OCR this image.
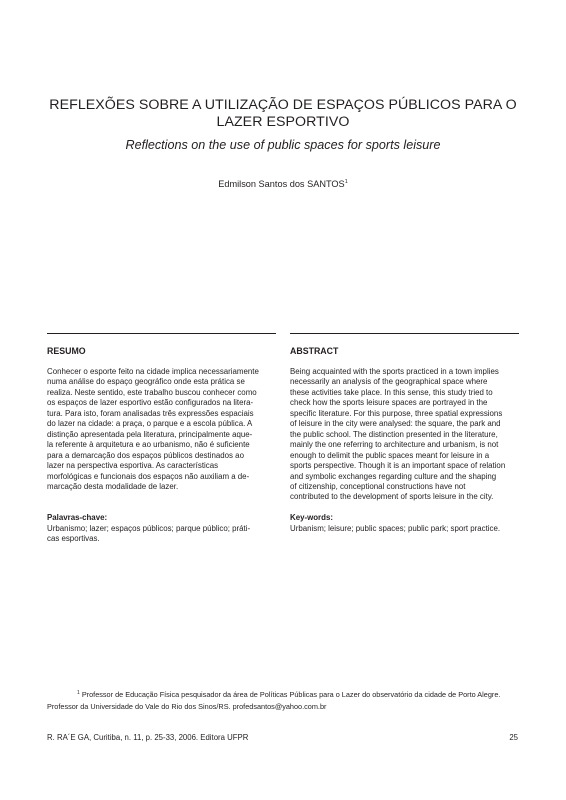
REFLEXÕES SOBRE A UTILIZAÇÃO DE ESPAÇOS PÚBLICOS PARA O
LAZER ESPORTIVO
Reflections on the use of public spaces for sports leisure
Edmilson Santos dos SANTOS$^1$
RESUMO
Conhecer o esporte feito na cidade implica necessariamente
numa análise do espaço geográfico onde esta prática se
realiza. Neste sentido, este trabalho buscou conhecer como
os espaços de lazer esportivo estão configurados na litera-
tura. Para isto, foram analisadas três expressões espaciais
do lazer na cidade: a praça, o parque e a escola pública. A
distinção apresentada pela literatura, principalmente aque-
la referente à arquitetura e ao urbanismo, não é suficiente
para a demarcação dos espaços públicos destinados ao
lazer na perspectiva esportiva. As características
morfológicas e funcionais dos espaços não auxiliam a de-
marcação desta modalidade de lazer.
Palavras-chave:
Urbanismo; lazer; espaços públicos; parque público; práti-
cas esportivas.
ABSTRACT
Being acquainted with the sports practiced in a town implies
necessarily an analysis of the geographical space where
these activities take place. In this sense, this study tried to
check how the sports leisure spaces are portrayed in the
specific literature. For this purpose, three spatial expressions
of leisure in the city were analysed: the square, the park and
the public school. The distinction presented in the literature,
mainly the one referring to architecture and urbanism, is not
enough to delimit the public spaces meant for leisure in a
sports perspective. Though it is an important space of relation
and symbolic exchanges regarding culture and the shaping
of citizenship, conceptional constructions have not
contributed to the development of sports leisure in the city.
Key-words:
Urbanism; leisure; public spaces; public park; sport practice.
$^1$ Professor de Educação Física pesquisador da área de Políticas Públicas para o Lazer do observatório da cidade de Porto Alegre.
Professor da Universidade do Vale do Rio dos Sinos/RS. profedsantos@yahoo.com.br
R. RA´E GA, Curitiba, n. 11, p. 25-33, 2006. Editora UFPR	25
